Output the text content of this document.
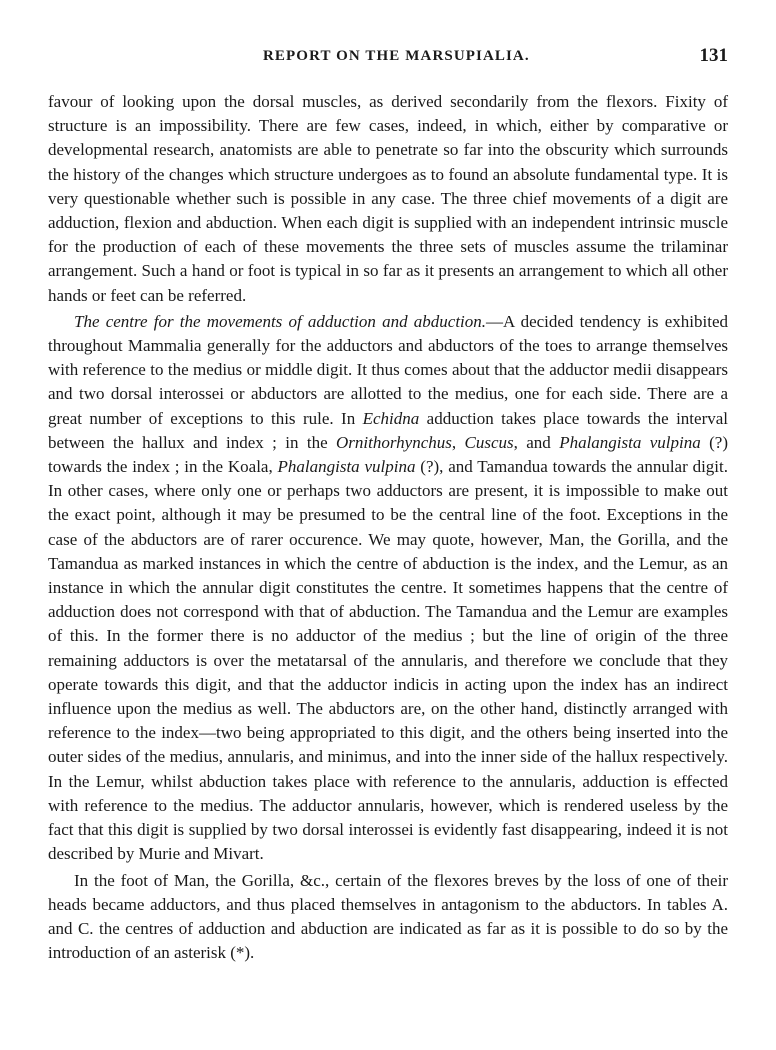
REPORT ON THE MARSUPIALIA.	131

favour of looking upon the dorsal muscles, as derived secondarily from the flexors. Fixity of structure is an impossibility. There are few cases, indeed, in which, either by comparative or developmental research, anatomists are able to penetrate so far into the obscurity which surrounds the history of the changes which structure undergoes as to found an absolute fundamental type. It is very questionable whether such is possible in any case. The three chief movements of a digit are adduction, flexion and abduction. When each digit is supplied with an independent intrinsic muscle for the production of each of these movements the three sets of muscles assume the trilaminar arrangement. Such a hand or foot is typical in so far as it presents an arrangement to which all other hands or feet can be referred.

The centre for the movements of adduction and abduction.—A decided tendency is exhibited throughout Mammalia generally for the adductors and abductors of the toes to arrange themselves with reference to the medius or middle digit. It thus comes about that the adductor medii disappears and two dorsal interossei or abductors are allotted to the medius, one for each side. There are a great number of exceptions to this rule. In Echidna adduction takes place towards the interval between the hallux and index ; in the Ornithorhynchus, Cuscus, and Phalangista vulpina (?) towards the index ; in the Koala, Phalangista vulpina (?), and Tamandua towards the annular digit. In other cases, where only one or perhaps two adductors are present, it is impossible to make out the exact point, although it may be presumed to be the central line of the foot. Exceptions in the case of the abductors are of rarer occurence. We may quote, however, Man, the Gorilla, and the Tamandua as marked instances in which the centre of abduction is the index, and the Lemur, as an instance in which the annular digit constitutes the centre. It sometimes happens that the centre of adduction does not correspond with that of abduction. The Tamandua and the Lemur are examples of this. In the former there is no adductor of the medius ; but the line of origin of the three remaining adductors is over the metatarsal of the annularis, and therefore we conclude that they operate towards this digit, and that the adductor indicis in acting upon the index has an indirect influence upon the medius as well. The abductors are, on the other hand, distinctly arranged with reference to the index—two being appropriated to this digit, and the others being inserted into the outer sides of the medius, annularis, and minimus, and into the inner side of the hallux respectively. In the Lemur, whilst abduction takes place with reference to the annularis, adduction is effected with reference to the medius. The adductor annularis, however, which is rendered useless by the fact that this digit is supplied by two dorsal interossei is evidently fast disappearing, indeed it is not described by Murie and Mivart.

In the foot of Man, the Gorilla, &c., certain of the flexores breves by the loss of one of their heads became adductors, and thus placed themselves in antagonism to the abductors. In tables A. and C. the centres of adduction and abduction are indicated as far as it is possible to do so by the introduction of an asterisk (*).
